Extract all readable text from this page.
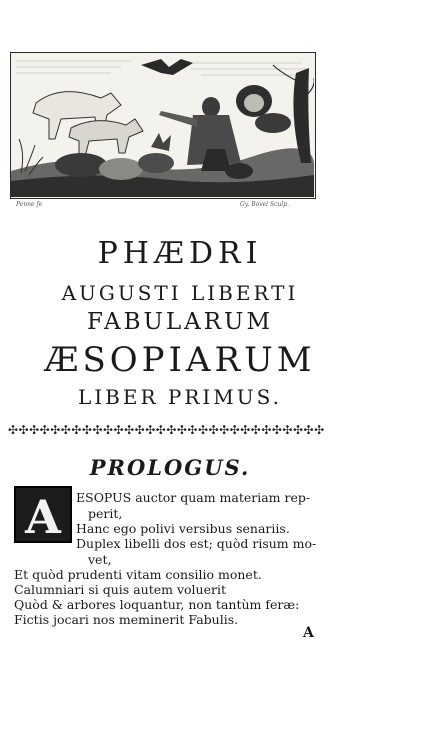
Penne fe	Gy. Bovel Sculp.
PHÆDRI
AUGUSTI LIBERTI
FABULARUM
ÆSOPIARUM
LIBER PRIMUS.
✣✣✣✣✣✣✣✣✣✣✣✣✣✣✣✣✣✣✣✣✣✣✣✣✣✣✣✣✣✣
PROLOGUS.
A	ESOPUS auctor quam materiam rep-
perit,
Hanc ego polivi versibus senariis.
Duplex libelli dos est; quòd risum mo-
vet,
Et quòd prudenti vitam consilio monet.
Calumniari si quis autem voluerit
Quòd & arbores loquantur, non tantùm feræ:
Fictis jocari nos meminerit Fabulis.
A
